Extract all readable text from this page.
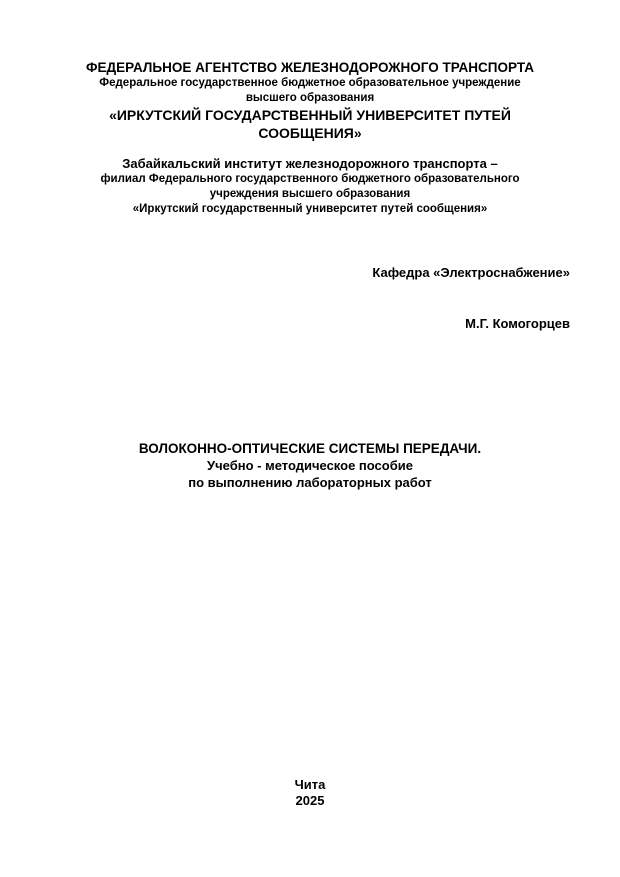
ФЕДЕРАЛЬНОЕ АГЕНТСТВО ЖЕЛЕЗНОДОРОЖНОГО ТРАНСПОРТА
Федеральное государственное бюджетное образовательное учреждение
высшего образования
«ИРКУТСКИЙ ГОСУДАРСТВЕННЫЙ УНИВЕРСИТЕТ ПУТЕЙ
СООБЩЕНИЯ»
Забайкальский институт железнодорожного транспорта –
филиал Федерального государственного бюджетного образовательного
учреждения высшего образования
«Иркутский государственный университет путей сообщения»
Кафедра «Электроснабжение»
М.Г. Комогорцев
ВОЛОКОННО-ОПТИЧЕСКИЕ СИСТЕМЫ ПЕРЕДАЧИ.
Учебно - методическое пособие
по выполнению лабораторных работ
Чита
2025
